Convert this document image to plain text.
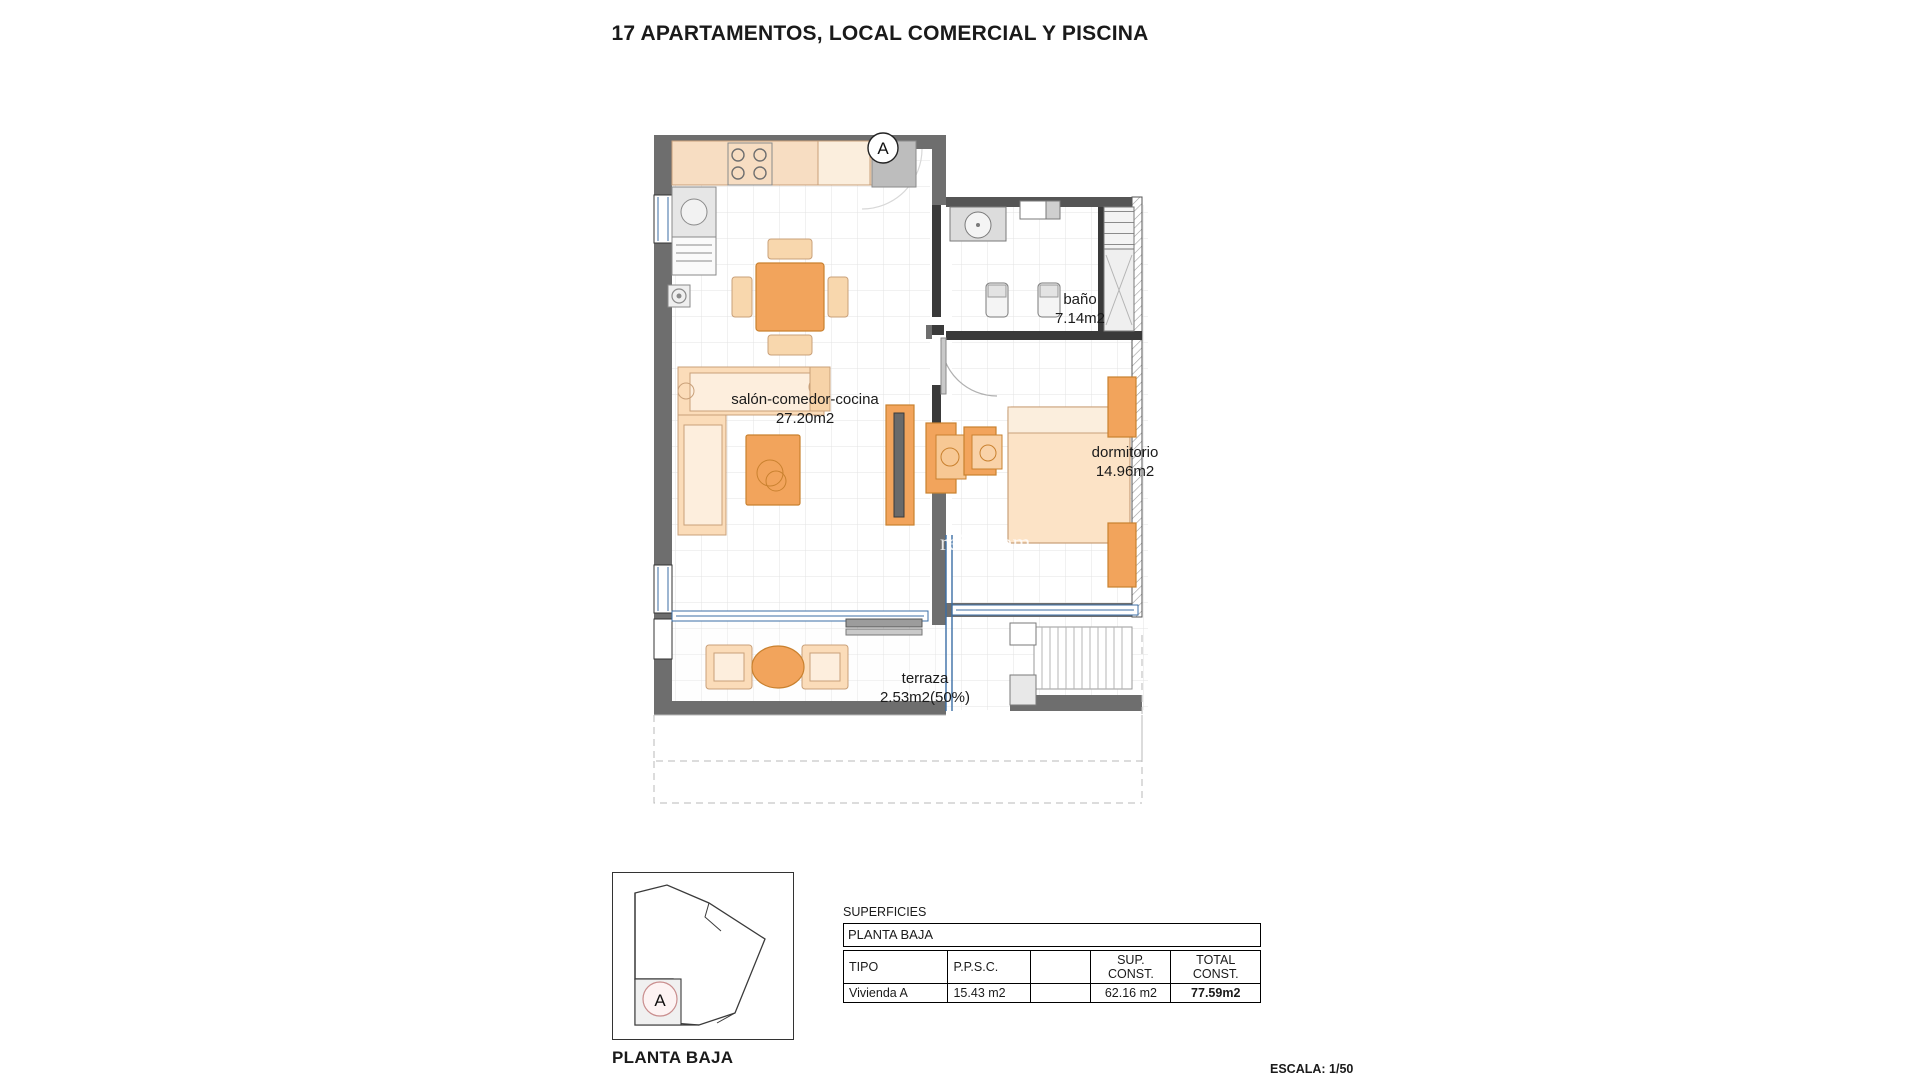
17 APARTAMENTOS, LOCAL COMERCIAL Y PISCINA
A
baño
7.14m2
salón-comedor-cocina
27.20m2
dormitorio
14.96m2
terraza
2.53m2(50%)
reiendom
A
PLANTA BAJA
SUPERFICIES
PLANTA BAJA
TIPO	P.P.S.C.		SUP. CONST.	TOTAL CONST.
Vivienda A	15.43 m2		62.16 m2	77.59m2
ESCALA: 1/50
